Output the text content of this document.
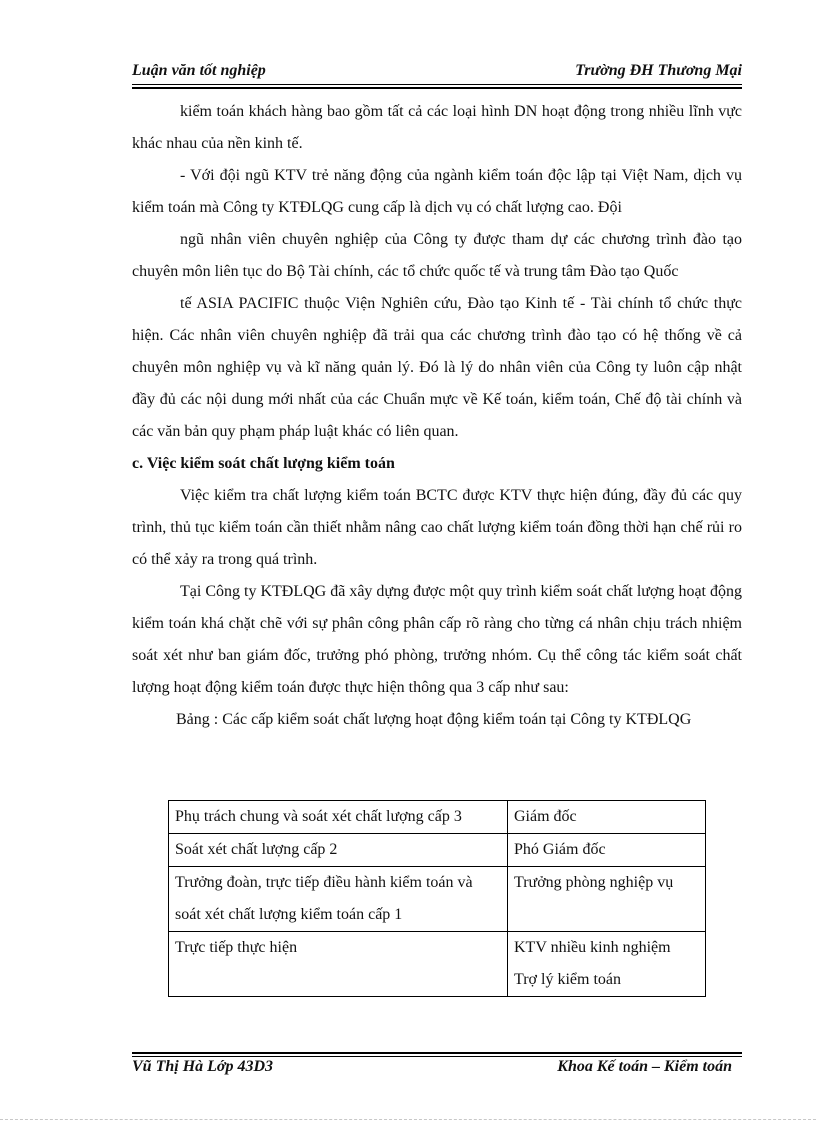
Luận văn tốt nghiệp	Trường ĐH Thương Mại

kiểm toán khách hàng bao gồm tất cả các loại hình DN hoạt động trong nhiều lĩnh vực khác nhau của nền kinh tế.

- Với đội ngũ KTV trẻ năng động của ngành kiểm toán độc lập tại Việt Nam, dịch vụ kiểm toán mà Công ty KTĐLQG cung cấp là dịch vụ có chất lượng cao. Đội

ngũ nhân viên chuyên nghiệp của Công ty được tham dự các chương trình đào tạo chuyên môn liên tục do Bộ Tài chính, các tổ chức quốc tế và trung tâm Đào tạo Quốc

tế ASIA PACIFIC thuộc Viện Nghiên cứu, Đào tạo Kinh tế - Tài chính tổ chức thực hiện. Các nhân viên chuyên nghiệp đã trải qua các chương trình đào tạo có hệ thống về cả chuyên môn nghiệp vụ và kĩ năng quản lý. Đó là lý do nhân viên của Công ty luôn cập nhật đầy đủ các nội dung mới nhất của các Chuẩn mực về Kế toán, kiểm toán, Chế độ tài chính và các văn bản quy phạm pháp luật khác có liên quan.

c. Việc kiểm soát chất lượng kiểm toán

Việc kiểm tra chất lượng kiểm toán BCTC được KTV thực hiện đúng, đầy đủ các quy trình, thủ tục kiểm toán cần thiết nhằm nâng cao chất lượng kiểm toán đồng thời hạn chế rủi ro có thể xảy ra trong quá trình.

Tại Công ty KTĐLQG đã xây dựng được một quy trình kiểm soát chất lượng hoạt động kiểm toán khá chặt chẽ với sự phân công phân cấp rõ ràng cho từng cá nhân chịu trách nhiệm soát xét như ban giám đốc, trưởng phó phòng, trưởng nhóm. Cụ thể công tác kiểm soát chất lượng hoạt động kiểm toán được thực hiện thông qua 3 cấp như sau:

Bảng : Các cấp kiểm soát chất lượng hoạt động kiểm toán tại Công ty KTĐLQG

Phụ trách chung và soát xét chất lượng cấp 3	Giám đốc
Soát xét chất lượng cấp 2	Phó Giám đốc
Trưởng đoàn, trực tiếp điều hành kiểm toán và soát xét chất lượng kiểm toán cấp 1	Trưởng phòng nghiệp vụ
Trực tiếp thực hiện	KTV nhiều kinh nghiệm
Trợ lý kiểm toán
Vũ Thị Hà Lớp 43D3	Khoa Kế toán – Kiểm toán
